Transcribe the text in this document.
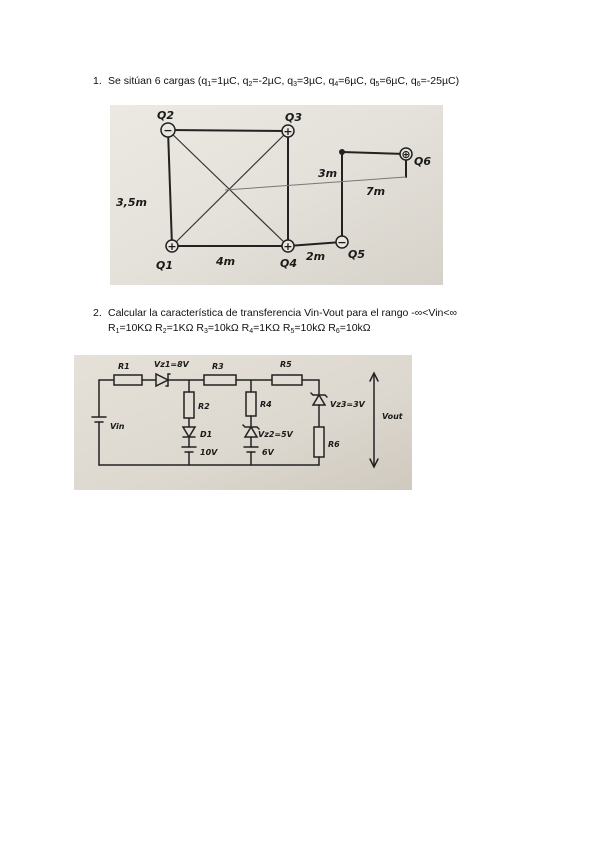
1. Se sitúan 6 cargas ($q_1=1\mu C$, $q_2=-2\mu C$, $q_3=3\mu C$, $q_4=6\mu C$, $q_5=6\mu C$, $q_6=-25\mu C$)
−	+
+	+	−
⊕
Q2	Q3
Q1	Q4
Q5
Q6
3,5m
4m	2m
3m
7m
2. Calcular la característica de transferencia Vin-Vout para el rango -∞<Vin<∞
$R_1=10K\Omega$ $R_2=1K\Omega$ $R_3=10k\Omega$ $R_4=1K\Omega$ $R_5=10k\Omega$ $R_6=10k\Omega$
R1	Vz1=8V	R3	R5
R2	R4
D1	Vz2=5V
Vz3=3V
R6
Vin
10V	6V
Vout
